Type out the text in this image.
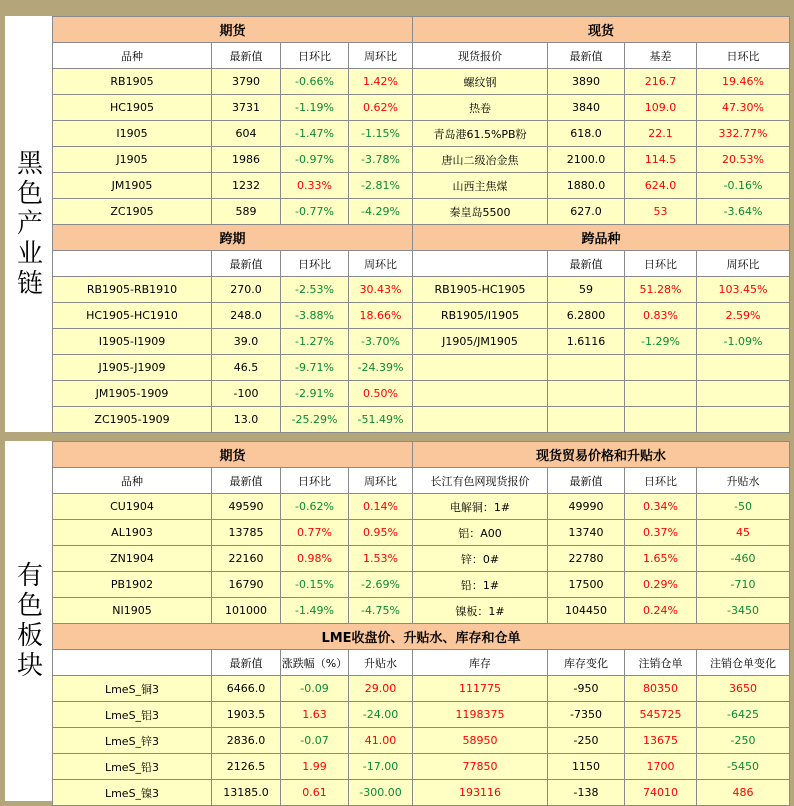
黑色产业链
期货				现货			
品种	最新值	日环比	周环比	现货报价	最新值	基差	日环比
RB1905	3790	-0.66%	1.42%	螺纹钢	3890	216.7	19.46%
HC1905	3731	-1.19%	0.62%	热卷	3840	109.0	47.30%
I1905	604	-1.47%	-1.15%	青岛港61.5%PB粉	618.0	22.1	332.77%
J1905	1986	-0.97%	-3.78%	唐山二级冶金焦	2100.0	114.5	20.53%
JM1905	1232	0.33%	-2.81%	山西主焦煤	1880.0	624.0	-0.16%
ZC1905	589	-0.77%	-4.29%	秦皇岛5500	627.0	53	-3.64%
跨期				跨品种			
	最新值	日环比	周环比		最新值	日环比	周环比
RB1905-RB1910	270.0	-2.53%	30.43%	RB1905-HC1905	59	51.28%	103.45%
HC1905-HC1910	248.0	-3.88%	18.66%	RB1905/I1905	6.2800	0.83%	2.59%
I1905-I1909	39.0	-1.27%	-3.70%	J1905/JM1905	1.6116	-1.29%	-1.09%
J1905-J1909	46.5	-9.71%	-24.39%				
JM1905-1909	-100	-2.91%	0.50%				
ZC1905-1909	13.0	-25.29%	-51.49%				
有色板块
期货				现货贸易价格和升贴水			
品种	最新值	日环比	周环比	长江有色网现货报价	最新值	日环比	升贴水
CU1904	49590	-0.62%	0.14%	电解铜：1#	49990	0.34%	-50
AL1903	13785	0.77%	0.95%	铝：A00	13740	0.37%	45
ZN1904	22160	0.98%	1.53%	锌：0#	22780	1.65%	-460
PB1902	16790	-0.15%	-2.69%	铅：1#	17500	0.29%	-710
NI1905	101000	-1.49%	-4.75%	镍板：1#	104450	0.24%	-3450
LME收盘价、升贴水、库存和仓单							
	最新值	涨跌幅（%）	升贴水	库存	库存变化	注销仓单	注销仓单变化
LmeS_铜3	6466.0	-0.09	29.00	111775	-950	80350	3650
LmeS_铝3	1903.5	1.63	-24.00	1198375	-7350	545725	-6425
LmeS_锌3	2836.0	-0.07	41.00	58950	-250	13675	-250
LmeS_铅3	2126.5	1.99	-17.00	77850	1150	1700	-5450
LmeS_镍3	13185.0	0.61	-300.00	193116	-138	74010	486
